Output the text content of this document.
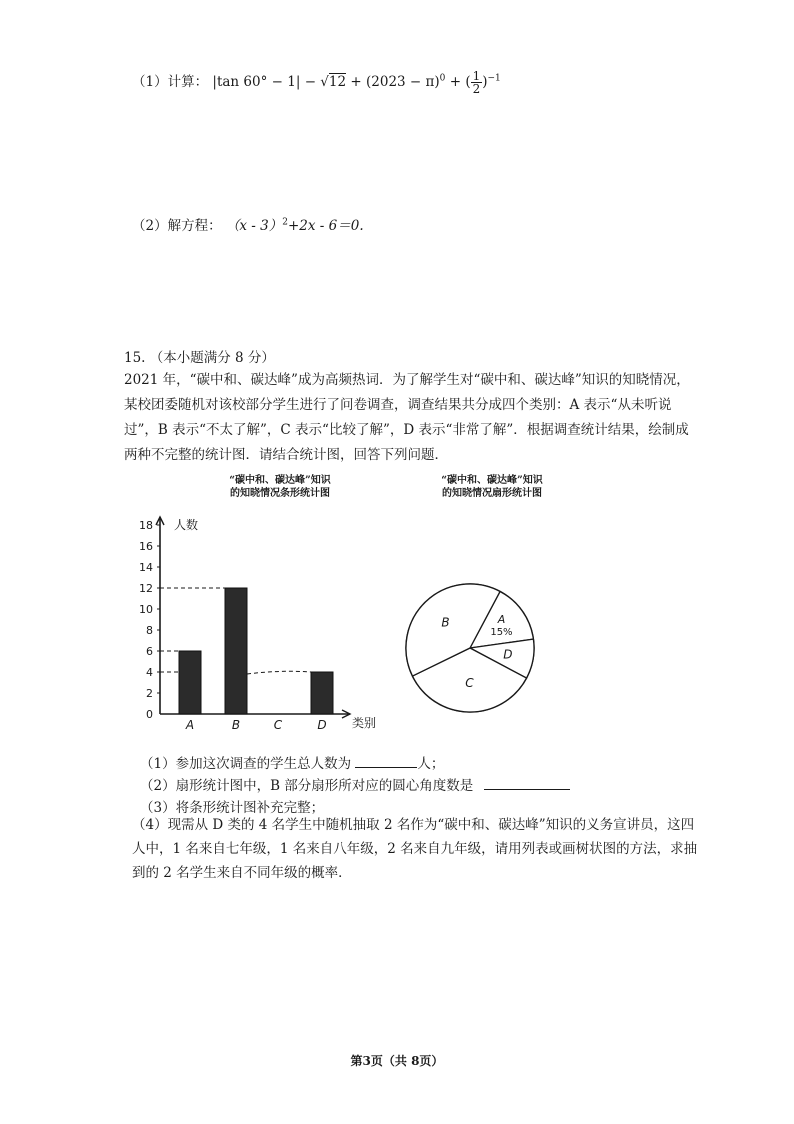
（1）计算： |tan $60^\circ - 1| - √12 + (2023 - \pi)^0$ + ( $\frac{1}{2} )^{-1}$
（2）解方程： （x - 3）$^2$+2x - 6＝0.
15. （本小题满分 8 分）
2021 年，“碳中和、碳达峰”成为高频热词．为了解学生对“碳中和、碳达峰”知识的知晓情况，某校团委随机对该校部分学生进行了问卷调查，调查结果共分成四个类别：A 表示“从未听说过”，B 表示“不太了解”，C 表示“比较了解”，D 表示“非常了解”．根据调查统计结果，绘制成两种不完整的统计图．请结合统计图，回答下列问题．
“碳中和、碳达峰”知识
的知晓情况条形统计图
“碳中和、碳达峰”知识
的知晓情况扇形统计图
0
2
4
6
8
10
12
14
16
18 人数
类别
A	B	C	D
A
15%
D
C
B
（1）参加这次调查的学生总人数为	人；
（2）扇形统计图中，B 部分扇形所对应的圆心角度数是
（3）将条形统计图补充完整；
（4）现需从 D 类的 4 名学生中随机抽取 2 名作为“碳中和、碳达峰”知识的义务宣讲员，这四人中，1 名来自七年级，1 名来自八年级，2 名来自九年级，请用列表或画树状图的方法，求抽到的 2 名学生来自不同年级的概率．
第3页（共 8页）
